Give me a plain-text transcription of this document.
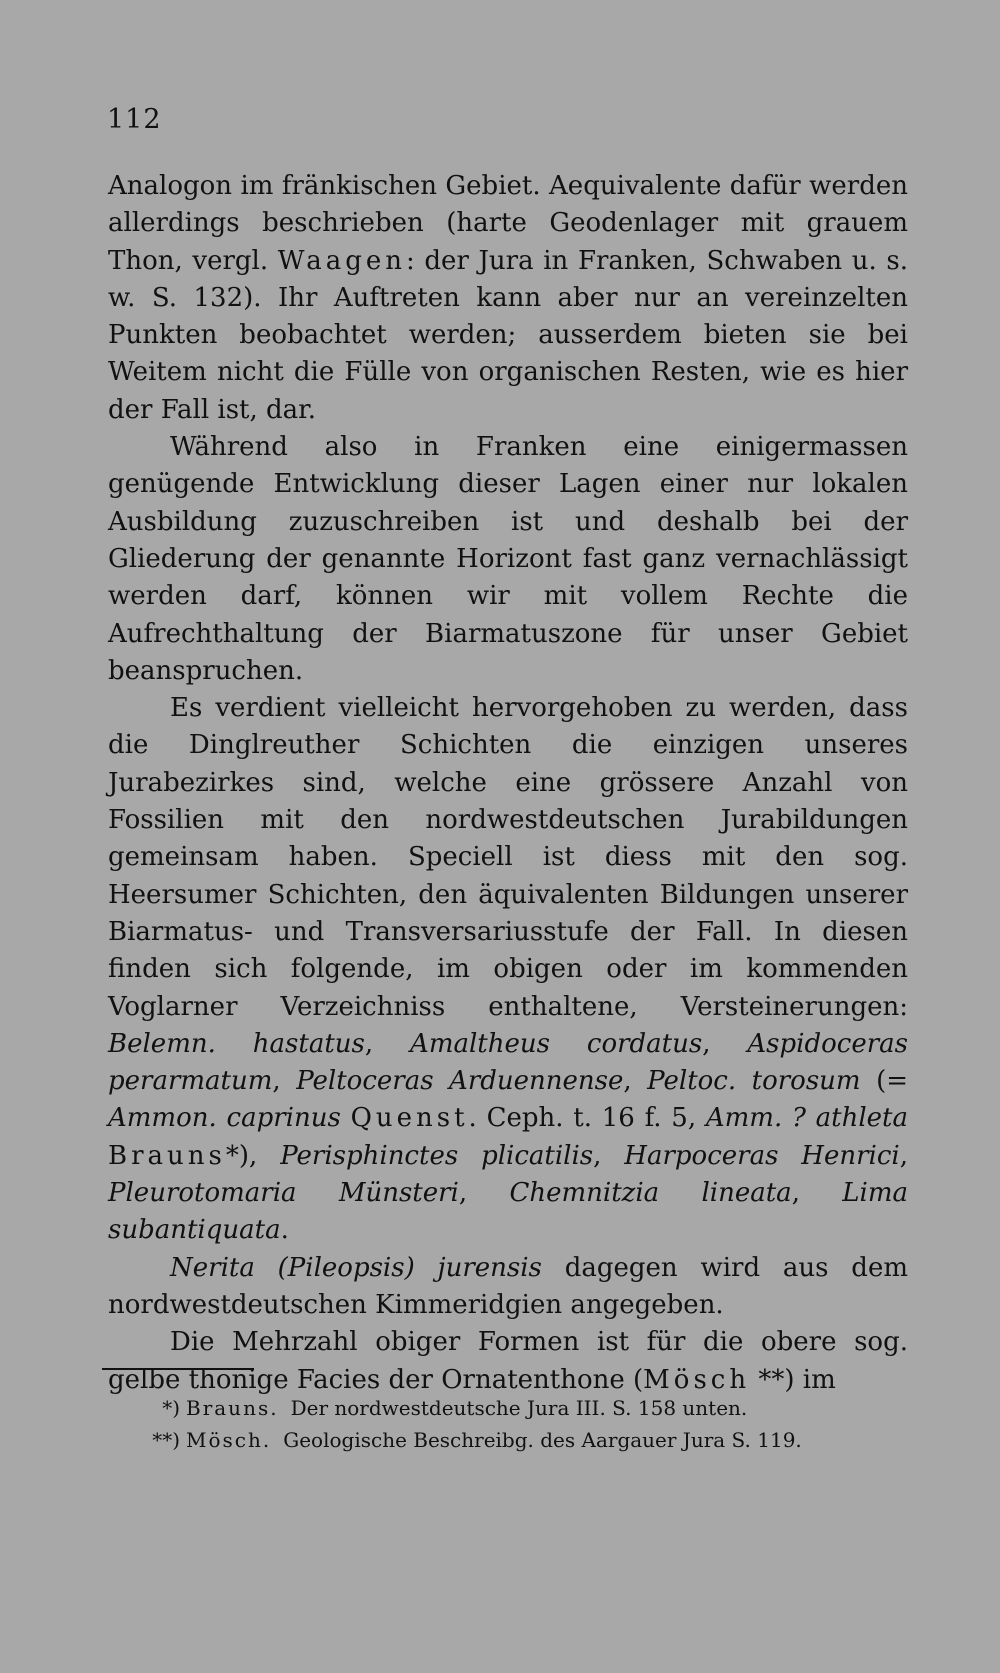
112

Analogon im fränkischen Gebiet. Aequivalente dafür werden allerdings beschrieben (harte Geodenlager mit grauem Thon, vergl. Waagen: der Jura in Franken, Schwaben u. s. w. S. 132). Ihr Auftreten kann aber nur an vereinzelten Punkten beobachtet werden; ausserdem bieten sie bei Weitem nicht die Fülle von organischen Resten, wie es hier der Fall ist, dar.

Während also in Franken eine einigermassen genügende Entwicklung dieser Lagen einer nur lokalen Ausbildung zuzuschreiben ist und deshalb bei der Gliederung der genannte Horizont fast ganz vernachlässigt werden darf, können wir mit vollem Rechte die Aufrechthaltung der Biarmatuszone für unser Gebiet beanspruchen.

Es verdient vielleicht hervorgehoben zu werden, dass die Dinglreuther Schichten die einzigen unseres Jurabezirkes sind, welche eine grössere Anzahl von Fossilien mit den nordwestdeutschen Jurabildungen gemeinsam haben. Speciell ist diess mit den sog. Heersumer Schichten, den äquivalenten Bildungen unserer Biarmatus- und Transversariusstufe der Fall. In diesen finden sich folgende, im obigen oder im kommenden Voglarner Verzeichniss enthaltene, Versteinerungen: Belemn. hastatus, Amaltheus cordatus, Aspidoceras perarmatum, Peltoceras Arduennense, Peltoc. torosum (= Ammon. caprinus Quenst. Ceph. t. 16 f. 5, Amm. ? athleta Brauns*), Perisphinctes plicatilis, Harpoceras Henrici, Pleurotomaria Münsteri, Chemnitzia lineata, Lima subantiquata.

Nerita (Pileopsis) jurensis dagegen wird aus dem nordwestdeutschen Kimmeridgien angegeben.

Die Mehrzahl obiger Formen ist für die obere sog. gelbe thonige Facies der Ornatenthone (Mösch **) im

*) Brauns. Der nordwestdeutsche Jura III. S. 158 unten.

**) Mösch. Geologische Beschreibg. des Aargauer Jura S. 119.
